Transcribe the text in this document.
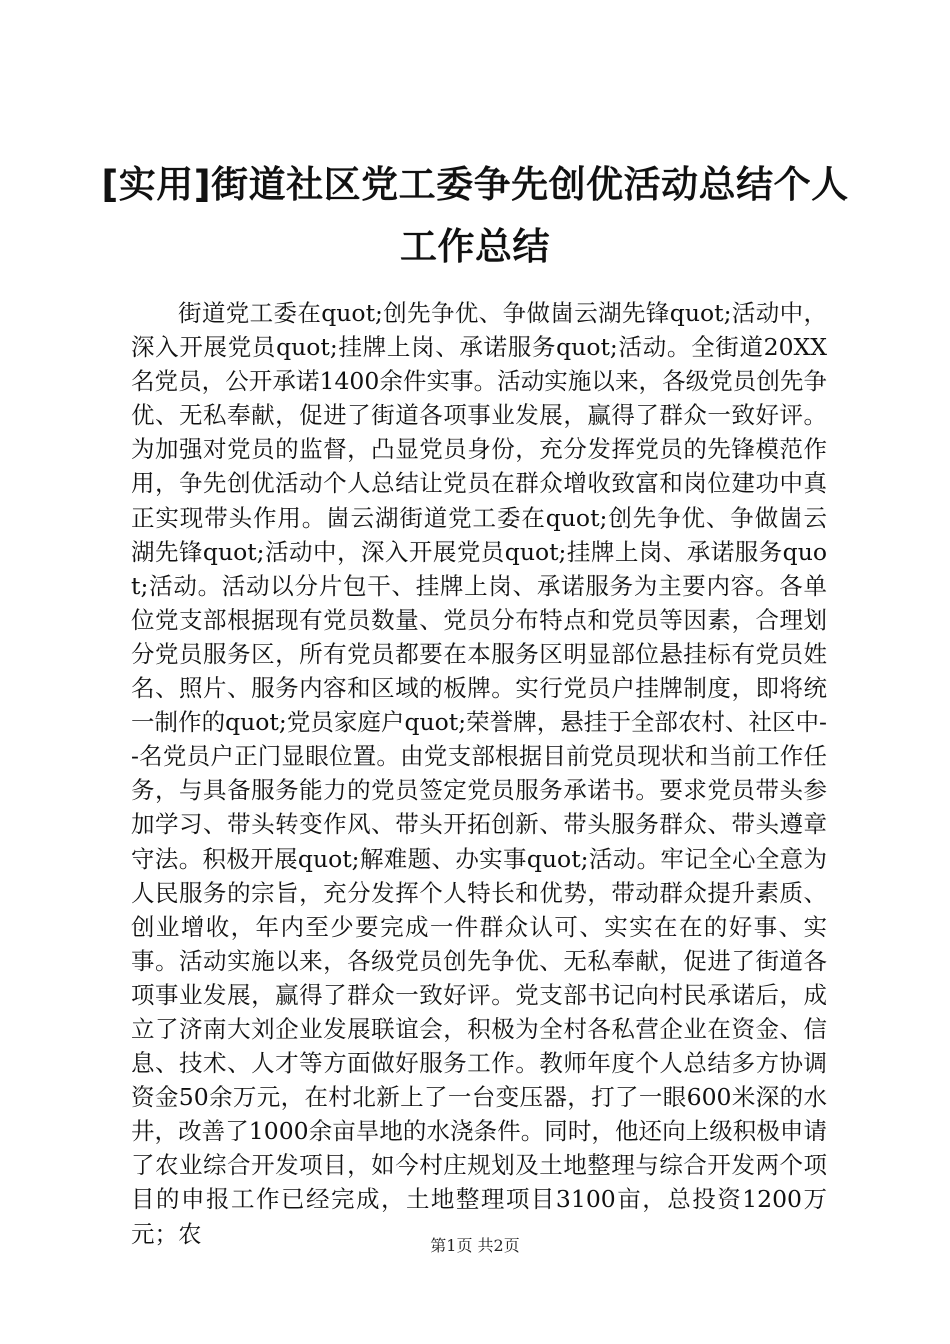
[实用]街道社区党工委争先创优活动总结个人
工作总结

街道党工委在quot;创先争优、争做崮云湖先锋quot;活动中，深入开展党员quot;挂牌上岗、承诺服务quot;活动。全街道20XX名党员，公开承诺1400余件实事。活动实施以来，各级党员创先争优、无私奉献，促进了街道各项事业发展，赢得了群众一致好评。为加强对党员的监督，凸显党员身份，充分发挥党员的先锋模范作用，争先创优活动个人总结让党员在群众增收致富和岗位建功中真正实现带头作用。崮云湖街道党工委在quot;创先争优、争做崮云湖先锋quot;活动中，深入开展党员quot;挂牌上岗、承诺服务quot;活动。活动以分片包干、挂牌上岗、承诺服务为主要内容。各单位党支部根据现有党员数量、党员分布特点和党员等因素，合理划分党员服务区，所有党员都要在本服务区明显部位悬挂标有党员姓名、照片、服务内容和区域的板牌。实行党员户挂牌制度，即将统一制作的quot;党员家庭户quot;荣誉牌，悬挂于全部农村、社区中--名党员户正门显眼位置。由党支部根据目前党员现状和当前工作任务，与具备服务能力的党员签定党员服务承诺书。要求党员带头参加学习、带头转变作风、带头开拓创新、带头服务群众、带头遵章守法。积极开展quot;解难题、办实事quot;活动。牢记全心全意为人民服务的宗旨，充分发挥个人特长和优势，带动群众提升素质、创业增收，年内至少要完成一件群众认可、实实在在的好事、实事。活动实施以来，各级党员创先争优、无私奉献，促进了街道各项事业发展，赢得了群众一致好评。党支部书记向村民承诺后，成立了济南大刘企业发展联谊会，积极为全村各私营企业在资金、信息、技术、人才等方面做好服务工作。教师年度个人总结多方协调资金50余万元，在村北新上了一台变压器，打了一眼600米深的水井，改善了1000余亩旱地的水浇条件。同时，他还向上级积极申请了农业综合开发项目，如今村庄规划及土地整理与综合开发两个项目的申报工作已经完成，土地整理项目3100亩，总投资1200万元；农	第1页 共2页
